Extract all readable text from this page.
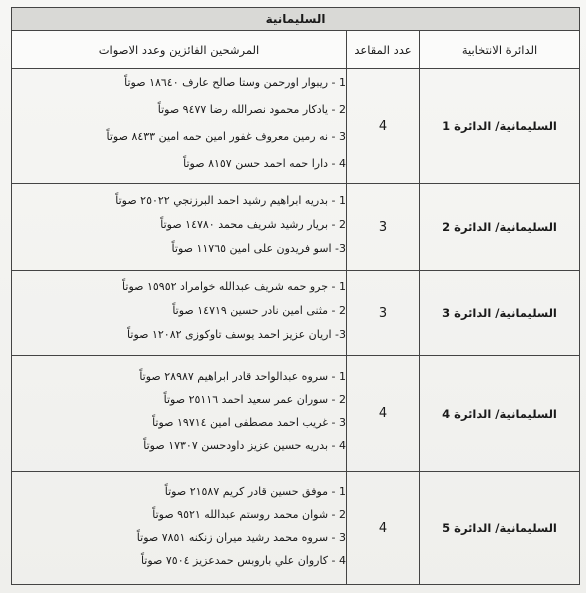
السليمانية		
الدائرة الانتخابية	عدد المقاعد	المرشحين الفائزين وعدد الاصوات
السليمانية/ الدائرة 1	4	1 - ريبوار اورحمن وستا صالح عارف ١٨٦٤٠ صوتاً
2 - يادكار محمود نصرالله رضا ٩٤٧٧ صوتاً
3 - نه رمين معروف غفور امين حمه امين ٨٤٣٣ صوتاً
4 - دارا حمه احمد حسن ٨١٥٧ صوتاً

السليمانية/ الدائرة 2	3	1 - بدريه ابراهيم رشيد احمد البرزنجي ٢٥٠٢٢ صوتاً
2 - بريار رشيد شريف محمد ١٤٧٨٠ صوتاً
3- اسو فريدون على امين ١١٧٦٥ صوتاً

السليمانية/ الدائرة 3	3	1 - جرو حمه شريف عبدالله خوامراد ١٥٩٥٢ صوتاً
2 - مثنى امين نادر حسين ١٤٧١٩ صوتاً
3- اريان عزيز احمد يوسف تاوكوزى ١٢٠٨٢ صوتاً

السليمانية/ الدائرة 4	4	1 - سروه عبدالواحد قادر ابراهيم ٢٨٩٨٧ صوتاً
2 - سوران عمر سعيد احمد ٢٥١١٦ صوتاً
3 - غريب احمد مصطفى امين ١٩٧١٤ صوتاً
4 - بدريه حسين عزيز داودحسن ١٧٣٠٧ صوتاً

السليمانية/ الدائرة 5	4	1 - موفق حسين قادر كريم ٢١٥٨٧ صوتاً
2 - شوان محمد روستم عبدالله ٩٥٢١ صوتاً
3 - سروه محمد رشيد ميران زنكنه ٧٨٥١ صوتاً
4 - كاروان علي باروبس حمدعزيز ٧٥٠٤ صوتاً
